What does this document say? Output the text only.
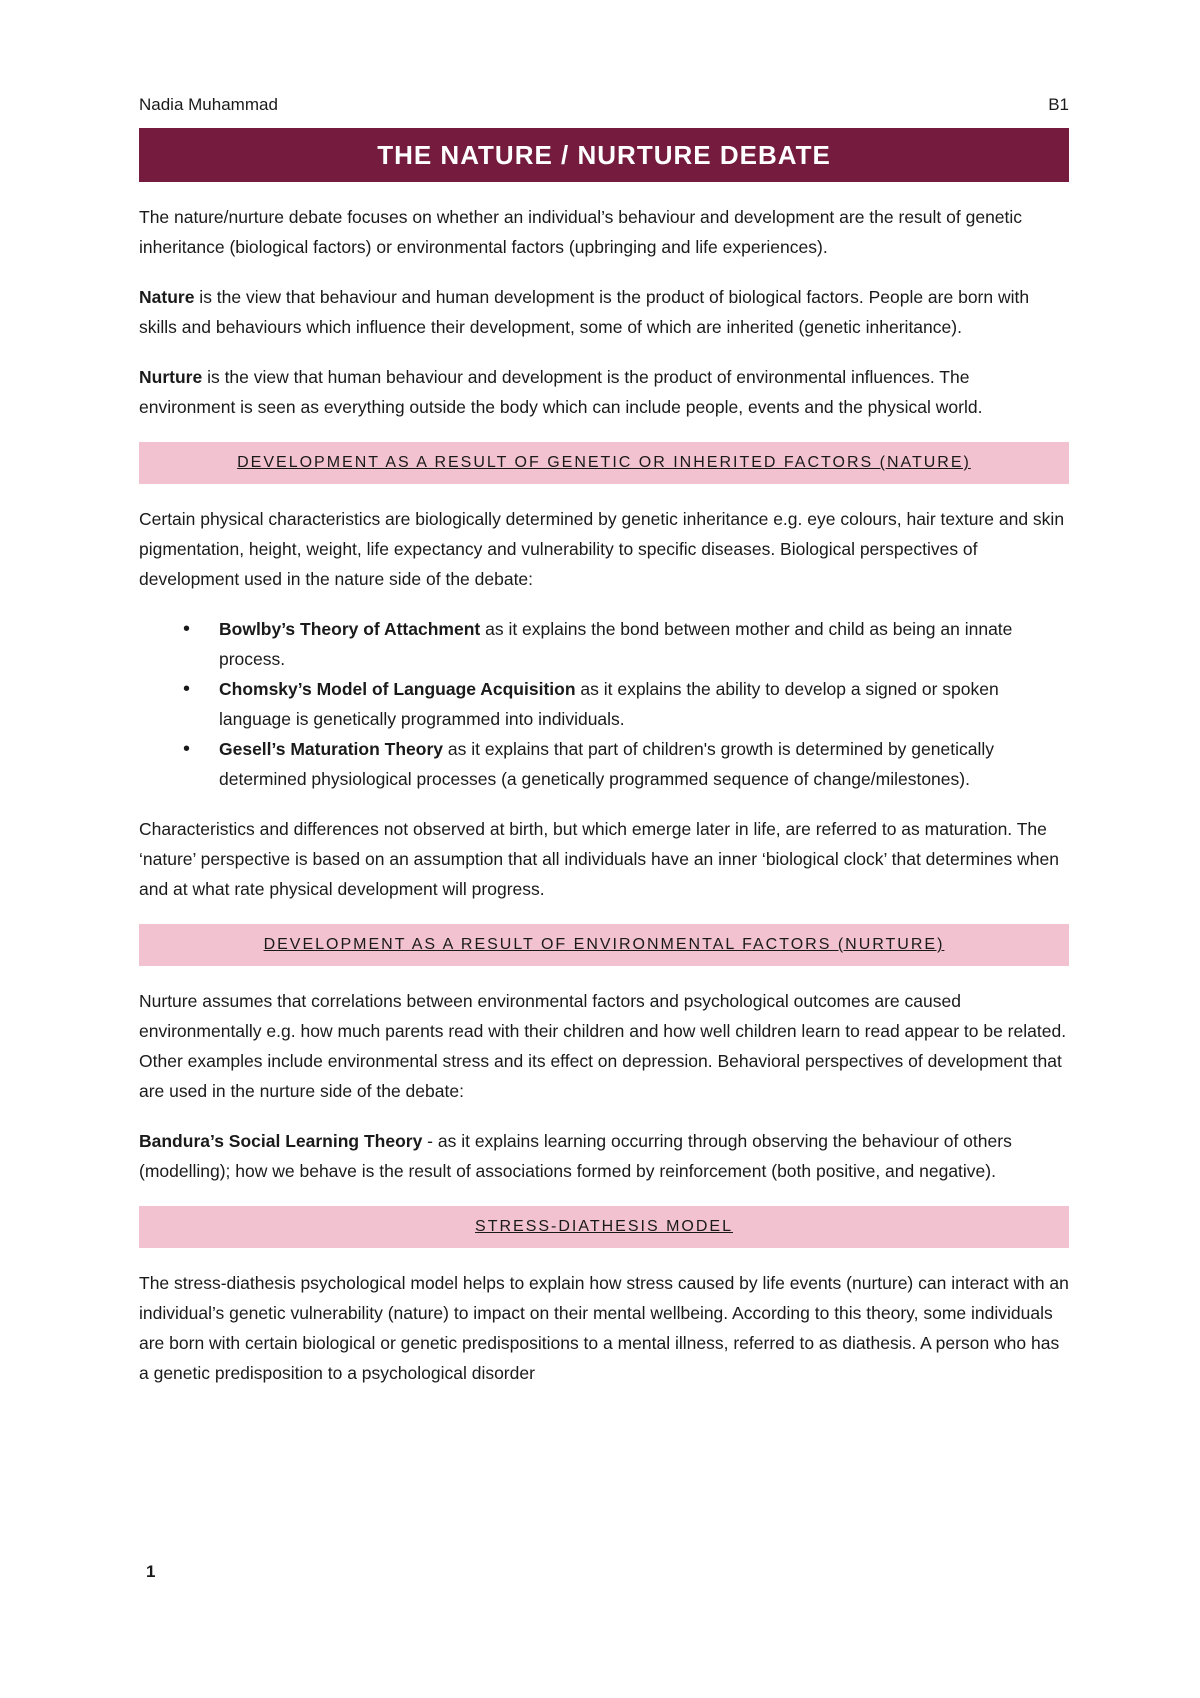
Nadia Muhammad	B1
THE NATURE / NURTURE DEBATE

The nature/nurture debate focuses on whether an individual’s behaviour and development are the result of genetic inheritance (biological factors) or environmental factors (upbringing and life experiences).

Nature is the view that behaviour and human development is the product of biological factors. People are born with skills and behaviours which influence their development, some of which are inherited (genetic inheritance).

Nurture is the view that human behaviour and development is the product of environmental influences. The environment is seen as everything outside the body which can include people, events and the physical world.

DEVELOPMENT AS A RESULT OF GENETIC OR INHERITED FACTORS (NATURE)

Certain physical characteristics are biologically determined by genetic inheritance e.g. eye colours, hair texture and skin pigmentation, height, weight, life expectancy and vulnerability to specific diseases. Biological perspectives of development used in the nature side of the debate:

• Bowlby’s Theory of Attachment as it explains the bond between mother and child as being an innate process.
• Chomsky’s Model of Language Acquisition as it explains the ability to develop a signed or spoken language is genetically programmed into individuals.
• Gesell’s Maturation Theory as it explains that part of children's growth is determined by genetically determined physiological processes (a genetically programmed sequence of change/milestones).

Characteristics and differences not observed at birth, but which emerge later in life, are referred to as maturation. The ‘nature’ perspective is based on an assumption that all individuals have an inner ‘biological clock’ that determines when and at what rate physical development will progress.

DEVELOPMENT AS A RESULT OF ENVIRONMENTAL FACTORS (NURTURE)

Nurture assumes that correlations between environmental factors and psychological outcomes are caused environmentally e.g. how much parents read with their children and how well children learn to read appear to be related. Other examples include environmental stress and its effect on depression. Behavioral perspectives of development that are used in the nurture side of the debate:

Bandura’s Social Learning Theory - as it explains learning occurring through observing the behaviour of others (modelling); how we behave is the result of associations formed by reinforcement (both positive, and negative).

STRESS-DIATHESIS MODEL

The stress-diathesis psychological model helps to explain how stress caused by life events (nurture) can interact with an individual’s genetic vulnerability (nature) to impact on their mental wellbeing. According to this theory, some individuals are born with certain biological or genetic predispositions to a mental illness, referred to as diathesis. A person who has a genetic predisposition to a psychological disorder

1
